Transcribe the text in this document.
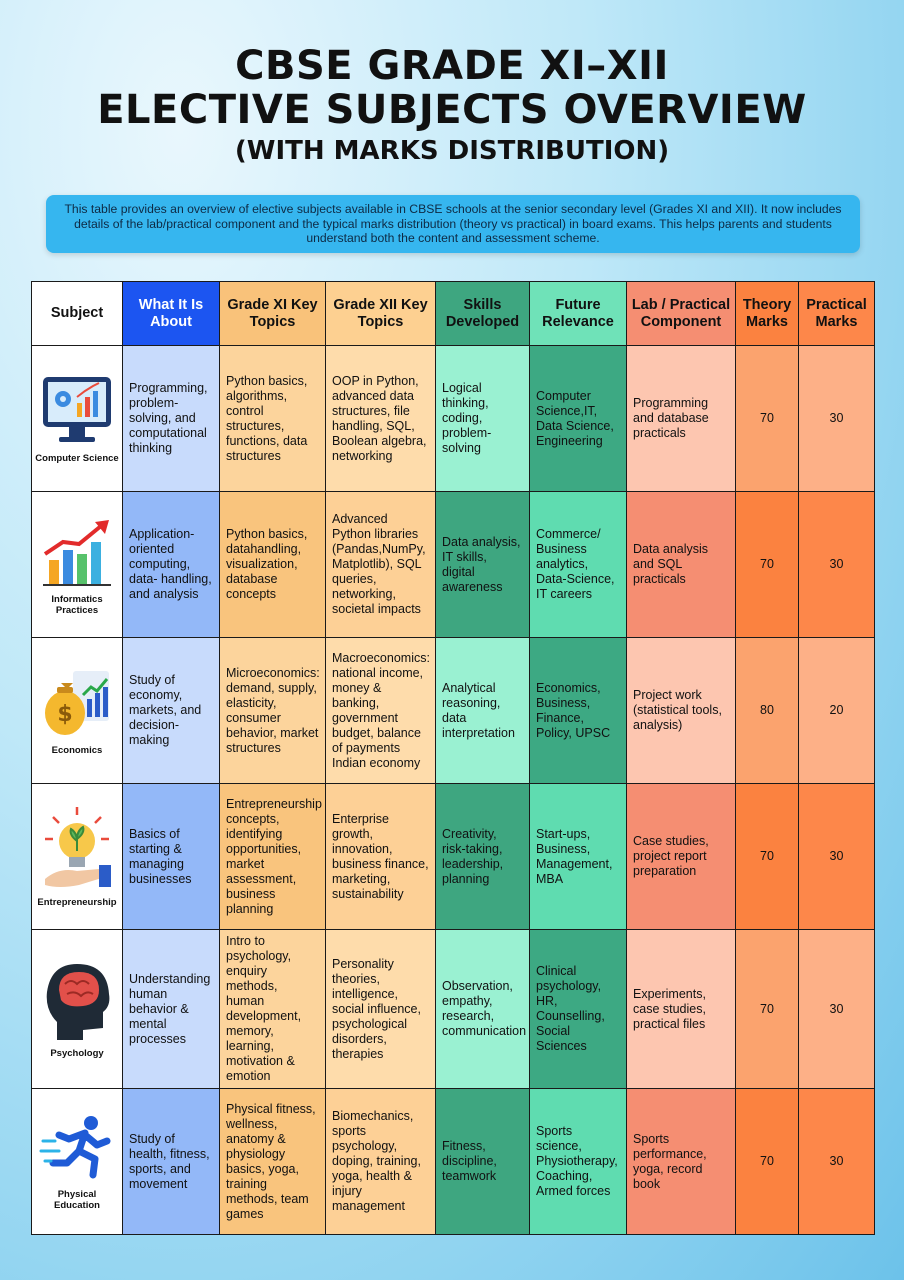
CBSE GRADE XI–XII
ELECTIVE SUBJECTS OVERVIEW
(WITH MARKS DISTRIBUTION)
This table provides an overview of elective subjects available in CBSE schools at the senior secondary level (Grades XI and XII). It now includes details of the lab/practical component and the typical marks distribution (theory vs practical) in board exams. This helps parents and students understand both the content and assessment scheme.
Subject	What It Is About	Grade XI Key Topics	Grade XII Key Topics	Skills Developed	Future Relevance	Lab / Practical Component	Theory Marks	Practical Marks

Computer Science	Programming, problem-solving, and computational thinking	Python basics, algorithms, control structures, functions, data structures	OOP in Python, advanced data structures, file handling, SQL, Boolean algebra, networking	Logical thinking, coding, problem-solving	Computer Science,IT, Data Science, Engineering	Programming and database practicals	70	30

Informatics Practices	Application-oriented computing, data- handling, and analysis	Python basics, datahandling, visualization, database concepts	Advanced Python libraries (Pandas,NumPy, Matplotlib), SQL queries, networking, societal impacts	Data analysis, IT skills, digital awareness	Commerce/ Business analytics, Data-Science, IT careers	Data analysis and SQL practicals	70	30

$
Economics	Study of economy, markets, and decision-making	Microeconomics: demand, supply, elasticity, consumer behavior, market structures	Macroeconomics: national income, money & banking, government budget, balance of payments Indian economy	Analytical reasoning, data interpretation	Economics, Business, Finance, Policy, UPSC	Project work (statistical tools, analysis)	80	20

Entrepreneurship	Basics of starting & managing businesses	Entrepreneurship concepts, identifying opportunities, market assessment, business planning	Enterprise growth, innovation, business finance, marketing, sustainability	Creativity, risk-taking, leadership, planning	Start-ups, Business, Management, MBA	Case studies, project report preparation	70	30

Psychology	Understanding human behavior & mental processes	Intro to psychology, enquiry methods, human development, memory, learning, motivation & emotion	Personality theories, intelligence, social influence, psychological disorders, therapies	Observation, empathy, research, communication	Clinical psychology, HR, Counselling, Social Sciences	Experiments, case studies, practical files	70	30

Physical Education	Study of health, fitness, sports, and movement	Physical fitness, wellness, anatomy & physiology basics, yoga, training methods, team games	Biomechanics, sports psychology, doping, training, yoga, health & injury management	Fitness, discipline, teamwork	Sports science, Physiotherapy, Coaching, Armed forces	Sports performance, yoga, record book	70	30
